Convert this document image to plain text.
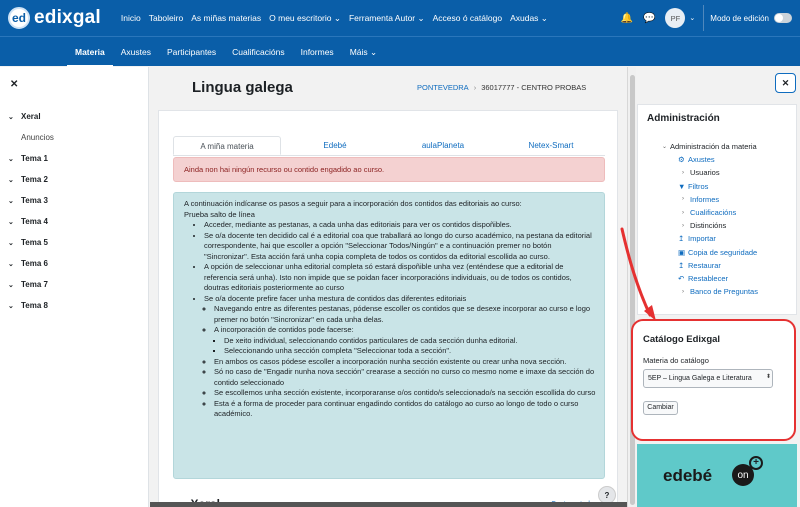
ed edixgal Inicio Taboleiro As miñas materias O meu escritorio ⌄ Ferramenta Autor ⌄ Acceso ó catálogo Axudas ⌄	🔔 💬	PF	⌄ Modo de edición
Materia	Axustes	Participantes	Cualificacións	Informes	Máis ⌄
✕
⌄ Xeral
Anuncios
⌄ Tema 1
⌄ Tema 2
⌄ Tema 3
⌄ Tema 4
⌄ Tema 5
⌄ Tema 6
⌄ Tema 7
⌄ Tema 8
Lingua galega	PONTEVEDRA › 36017777 - CENTRO PROBAS
A miña materia	Edebé	aulaPlaneta	Netex-Smart
Ainda non hai ningún recurso ou contido engadido ao curso.
A continuación indícanse os pasos a seguir para a incorporación dos contidos das editoriais ao curso:
Prueba salto de línea
• Acceder, mediante as pestanas, a cada unha das editoriais para ver os contidos dispoñibles.
• Se o/a docente ten decidido cal é a editorial coa que traballará ao longo do curso académico, na pestana da editorial correspondente, hai que escoller a opción "Seleccionar Todos/Ningún" e a continuación premer no botón "Sincronizar". Esta acción fará unha copia completa de todos os contidos da editorial escollida ao curso.
• A opción de seleccionar unha editorial completa só estará dispoñible unha vez (enténdese que a editorial de referencia será unha). Isto non impide que se poidan facer incorporacións individuais, ou de todos os contidos, doutras editoriais posteriormente ao curso
• Se o/a docente prefire facer unha mestura de contidos das diferentes editoriais
◦ Navegando entre as diferentes pestanas, pódense escoller os contidos que se desexe incorporar ao curso e logo premer no botón "Sincronizar" en cada unha delas.
◦ A incorporación de contidos pode facerse:
▪ De xeito individual, seleccionando contidos particulares de cada sección dunha editorial.
▪ Seleccionando unha sección completa "Seleccionar toda a sección".
◦ En ambos os casos pódese escoller a incorporación nunha sección existente ou crear unha nova sección.
◦ Só no caso de "Engadir nunha nova sección" crearase a sección no curso co mesmo nome e imaxe da sección do contido seleccionado
◦ Se escollemos unha sección existente, incorporaranse o/os contido/s seleccionado/s na sección escollida do curso
◦ Esta é a forma de proceder para continuar engadindo contidos do catálogo ao curso ao longo de todo o curso académico.
?
✕
Administración
⌄ Administración da materia
⚙ Axustes
› Usuarios
▼ Filtros
› Informes
› Cualificacións
› Distincións
↥ Importar
▣ Copia de seguridade
↥ Restaurar
↶ Restablecer
› Banco de Preguntas
Catálogo Edixgal
Materia do catálogo
5EP – Lingua Galega e Literatura	⬍
Cambiar
edebé	on
+
